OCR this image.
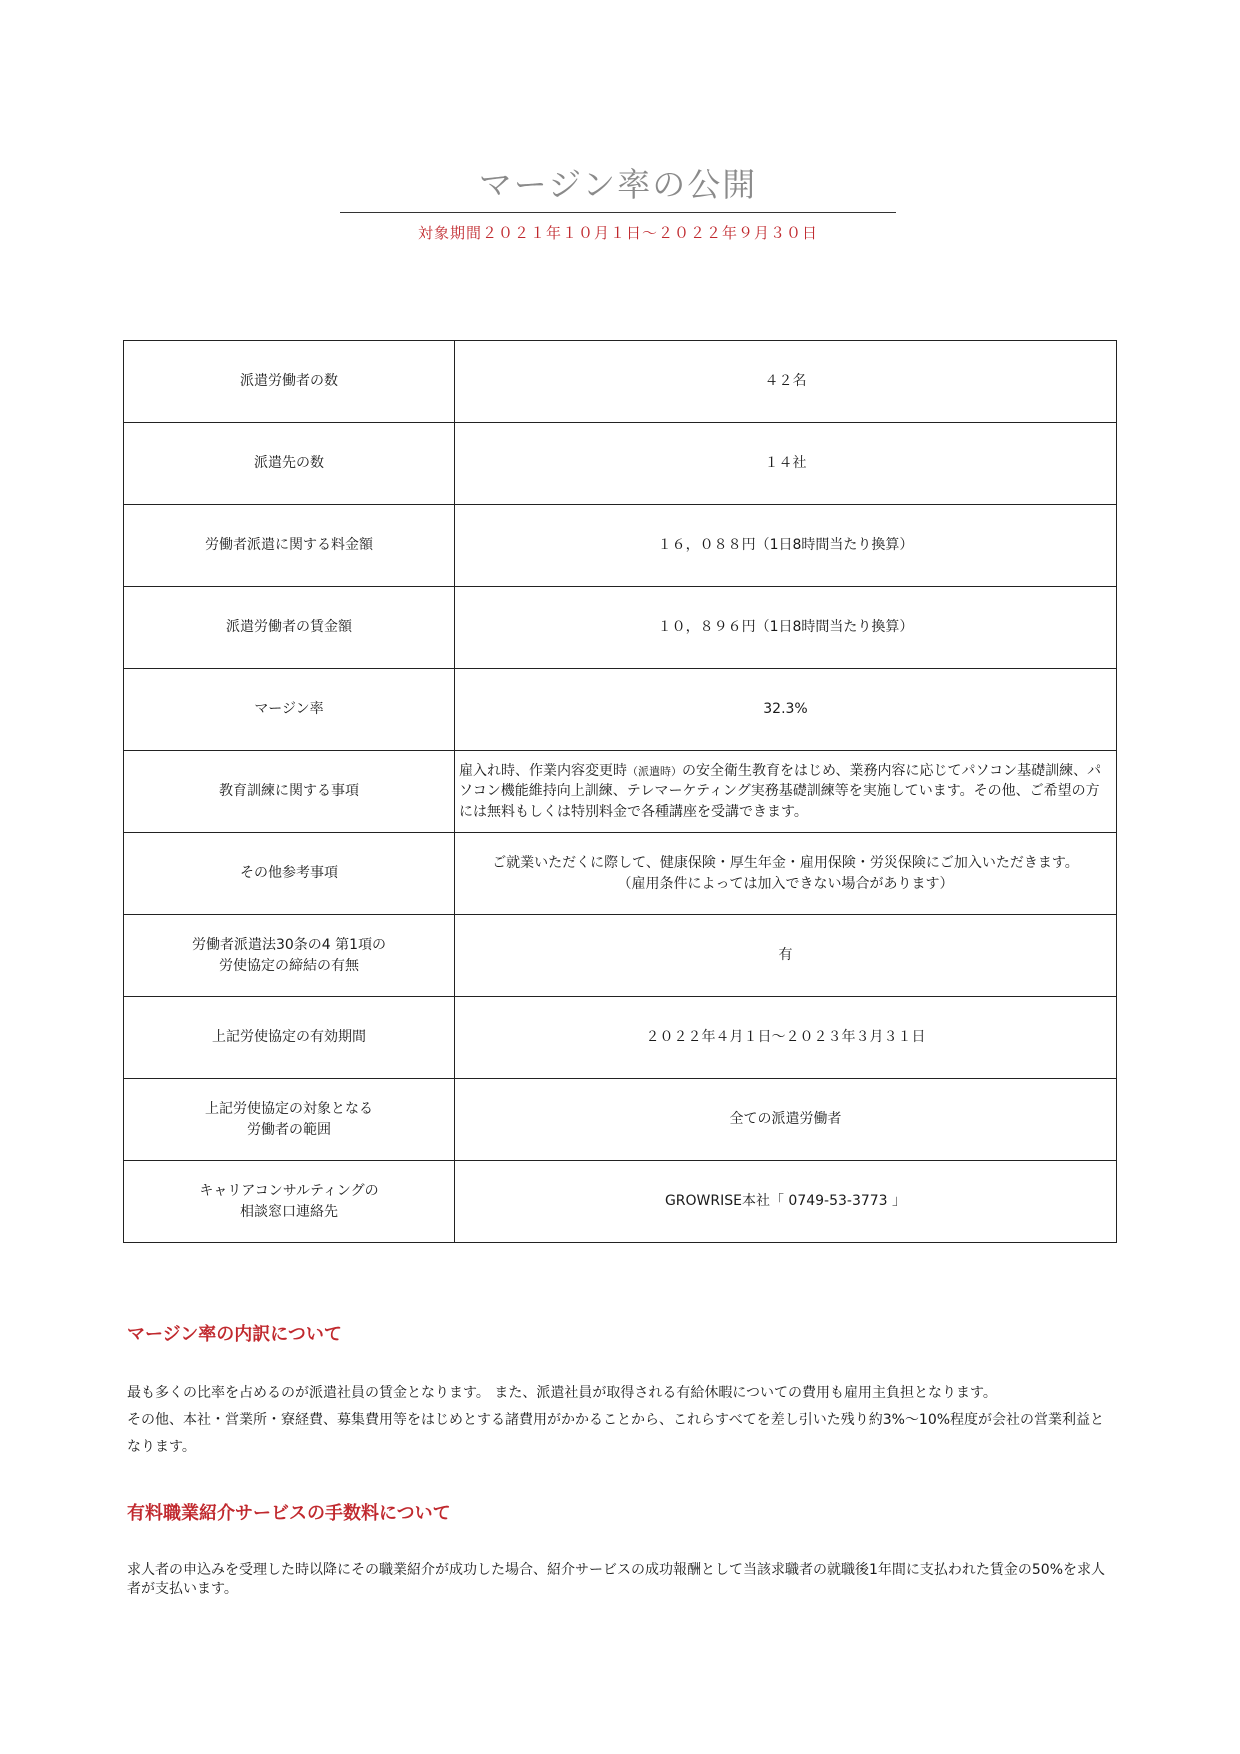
マージン率の公開
対象期間２０２１年１０月１日～２０２２年９月３０日
派遣労働者の数	４２名
派遣先の数	１４社
労働者派遣に関する料金額	１６，０８８円（1日8時間当たり換算）
派遣労働者の賃金額	１０，８９６円（1日8時間当たり換算）
マージン率	32.3%
教育訓練に関する事項	雇入れ時、作業内容変更時（派遣時）の安全衛生教育をはじめ、業務内容に応じてパソコン基礎訓練、パソコン機能維持向上訓練、テレマーケティング実務基礎訓練等を実施しています。その他、ご希望の方には無料もしくは特別料金で各種講座を受講できます。
その他参考事項	ご就業いただくに際して、健康保険・厚生年金・雇用保険・労災保険にご加入いただきます。
（雇用条件によっては加入できない場合があります）
労働者派遣法30条の4 第1項の
労使協定の締結の有無	有
上記労使協定の有効期間	２０２２年４月１日～２０２３年３月３１日
上記労使協定の対象となる
労働者の範囲	全ての派遣労働者
キャリアコンサルティングの
相談窓口連絡先	GROWRISE本社「 0749-53-3773 」
マージン率の内訳について
最も多くの比率を占めるのが派遣社員の賃金となります。 また、派遣社員が取得される有給休暇についての費用も雇用主負担となります。
その他、本社・営業所・寮経費、募集費用等をはじめとする諸費用がかかることから、これらすべてを差し引いた残り約3%～10%程度が会社の営業利益となります。
有料職業紹介サービスの手数料について
求人者の申込みを受理した時以降にその職業紹介が成功した場合、紹介サービスの成功報酬として当該求職者の就職後1年間に支払われた賃金の50%を求人者が支払います。
